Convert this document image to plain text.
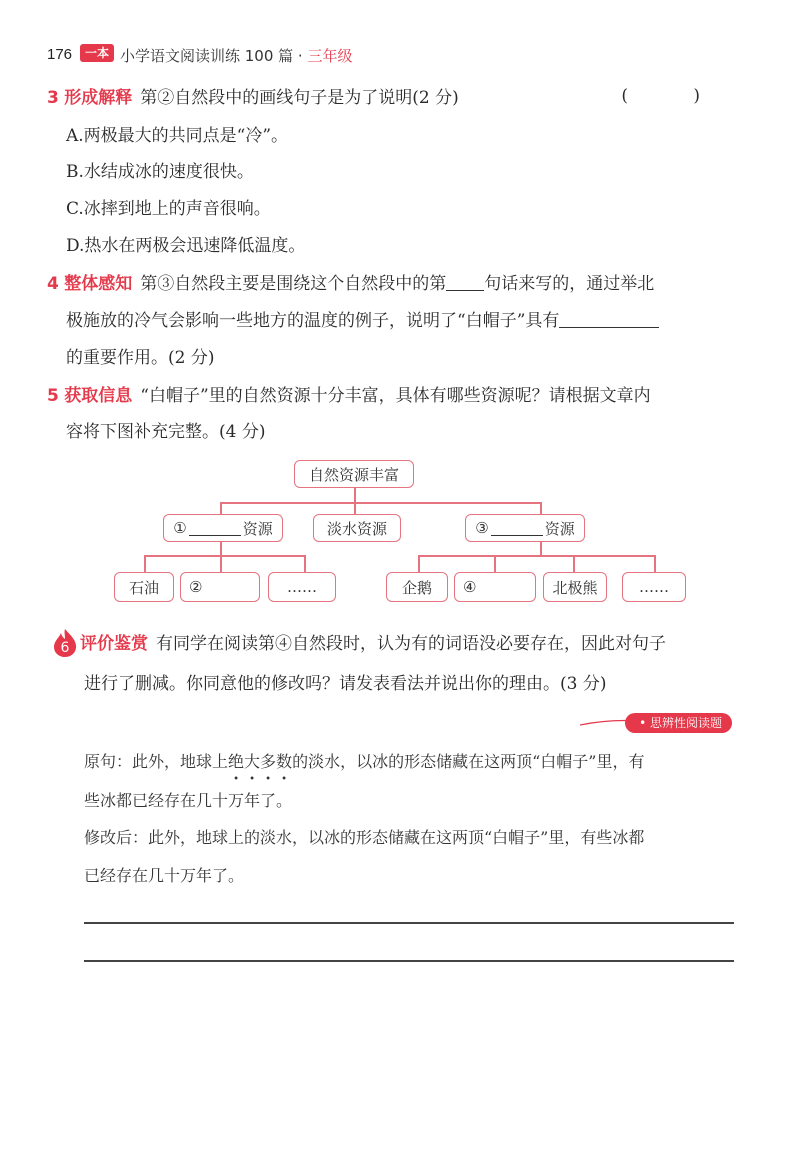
176	一本 小学语文阅读训练 100 篇 · 三年级
3 形成解释 第②自然段中的画线句子是为了说明(2 分)	( )
A.两极最大的共同点是“冷”。
B.水结成冰的速度很快。
C.冰摔到地上的声音很响。
D.热水在两极会迅速降低温度。
4 整体感知 第③自然段主要是围绕这个自然段中的第 句话来写的，通过举北
极施放的冷气会影响一些地方的温度的例子，说明了“白帽子”具有
的重要作用。(2 分)
5 获取信息 “白帽子”里的自然资源十分丰富，具体有哪些资源呢？请根据文章内
容将下图补充完整。(4 分)
自然资源丰富
①	资源	淡水资源	③	资源
石油 ②	……	企鹅 ④	北极熊	……
6 评价鉴赏 有同学在阅读第④自然段时，认为有的词语没必要存在，因此对句子
进行了删减。你同意他的修改吗？请发表看法并说出你的理由。(3 分)
• 思辨性阅读题
原句：此外，地球上绝大多数的淡水，以冰的形态储藏在这两顶“白帽子”里，有
些冰都已经存在几十万年了。
修改后：此外，地球上的淡水，以冰的形态储藏在这两顶“白帽子”里，有些冰都
已经存在几十万年了。
